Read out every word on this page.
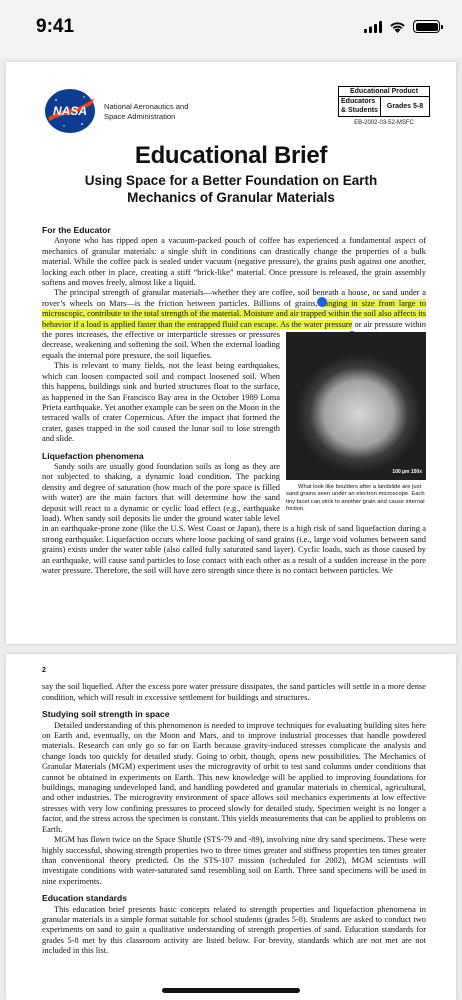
9:41
NASA National Aeronautics and
Space Administration
Educational Product
Educators
& Students	Grades 5-8
EB-2002-03-52-MSFC
Educational Brief
Using Space for a Better Foundation on Earth
Mechanics of Granular Materials
For the Educator

Anyone who has ripped open a vacuum-packed pouch of coffee has experienced a fundamental aspect of mechanics of granular materials: a single shift in conditions can drastically change the properties of a bulk material. While the coffee pack is sealed under vacuum (negative pressure), the grains push against one another, locking each other in place, creating a stiff “brick-like” material. Once pressure is released, the grain assembly softens and moves freely, almost like a liquid.

The principal strength of granular materials—whether they are coffee, soil beneath a house, or sand under a rover’s wheels on Mars—is the friction between particles. Billions of grains, ranging in size from large to microscopic, contribute to the total strength of the material. Moisture and air trapped within the soil also affects its behavior if a load is applied faster than the entrapped fluid can escape. As the water pressure
100 µm 150x
What look like boulders after a landslide are just sand grains seen under an electron microscope. Each tiny facet can stick to another grain and cause internal friction.
or air pressure within the pores increases, the effective or interparticle stresses or pressures decrease, weakening and softening the soil. When the external loading equals the internal pore pressure, the soil liquefies.

This is relevant to many fields, not the least being earthquakes, which can loosen compacted soil and compact loosened soil. When this happens, buildings sink and buried structures float to the surface, as happened in the San Francisco Bay area in the October 1989 Loma Prieta earthquake. Yet another example can be seen on the Moon in the terraced walls of crater Copernicus. After the impact that formed the crater, gases trapped in the soil caused the lunar soil to lose strength and slide.

Liquefaction phenomena

Sandy soils are usually good foundation soils as long as they are not subjected to shaking, a dynamic load condition. The packing density and degree of saturation (how much of the pore space is filled with water) are the main factors that will determine how the sand deposit will react to a dynamic or cyclic load effect (e.g., earthquake load). When sandy soil deposits lie under the ground water table level in an earthquake-prone zone (like the U.S. West Coast or Japan), there is a high risk of sand liquefaction during a strong earthquake. Liquefaction occurs where loose packing of sand grains (i.e., large void volumes between sand grains) exists under the water table (also called fully saturated sand layer). Cyclic loads, such as those caused by an earthquake, will cause sand particles to lose contact with each other as a result of a sudden increase in the pore water pressure. Therefore, the soil will have zero strength since there is no contact between particles. We

2

say the soil liquefied. After the excess pore water pressure dissipates, the sand particles will settle in a more dense condition, which will result in excessive settlement for buildings and structures.

Studying soil strength in space

Detailed understanding of this phenomenon is needed to improve techniques for evaluating building sites here on Earth and, eventually, on the Moon and Mars, and to improve industrial processes that handle powdered materials. Research can only go so far on Earth because gravity-induced stresses complicate the analysis and change loads too quickly for detailed study. Going to orbit, though, opens new possibilities. The Mechanics of Granular Materials (MGM) experiment uses the microgravity of orbit to test sand columns under conditions that cannot be obtained in experiments on Earth. This new knowledge will be applied to improving foundations for buildings, managing undeveloped land, and handling powdered and granular materials in chemical, agricultural, and other industries. The microgravity environment of space allows soil mechanics experiments at low effective stresses with very low confining pressures to proceed slowly for detailed study. Specimen weight is no longer a factor, and the stress across the specimen is constant. This yields measurements that can be applied to problems on Earth.

MGM has flown twice on the Space Shuttle (STS-79 and -89), involving nine dry sand specimens. These were highly successful, showing strength properties two to three times greater and stiffness properties ten times greater than conventional theory predicted. On the STS-107 mission (scheduled for 2002), MGM scientists will investigate conditions with water-saturated sand resembling soil on Earth. Three sand specimens will be used in nine experiments.

Education standards

This education brief presents basic concepts related to strength properties and liquefaction phenomena in granular materials in a simple format suitable for school students (grades 5-8). Students are asked to conduct two experiments on sand to gain a qualitative understanding of strength properties of sand. Education standards for grades 5-8 met by this classroom activity are listed below. For brevity, standards which are not met are not included in this list.
